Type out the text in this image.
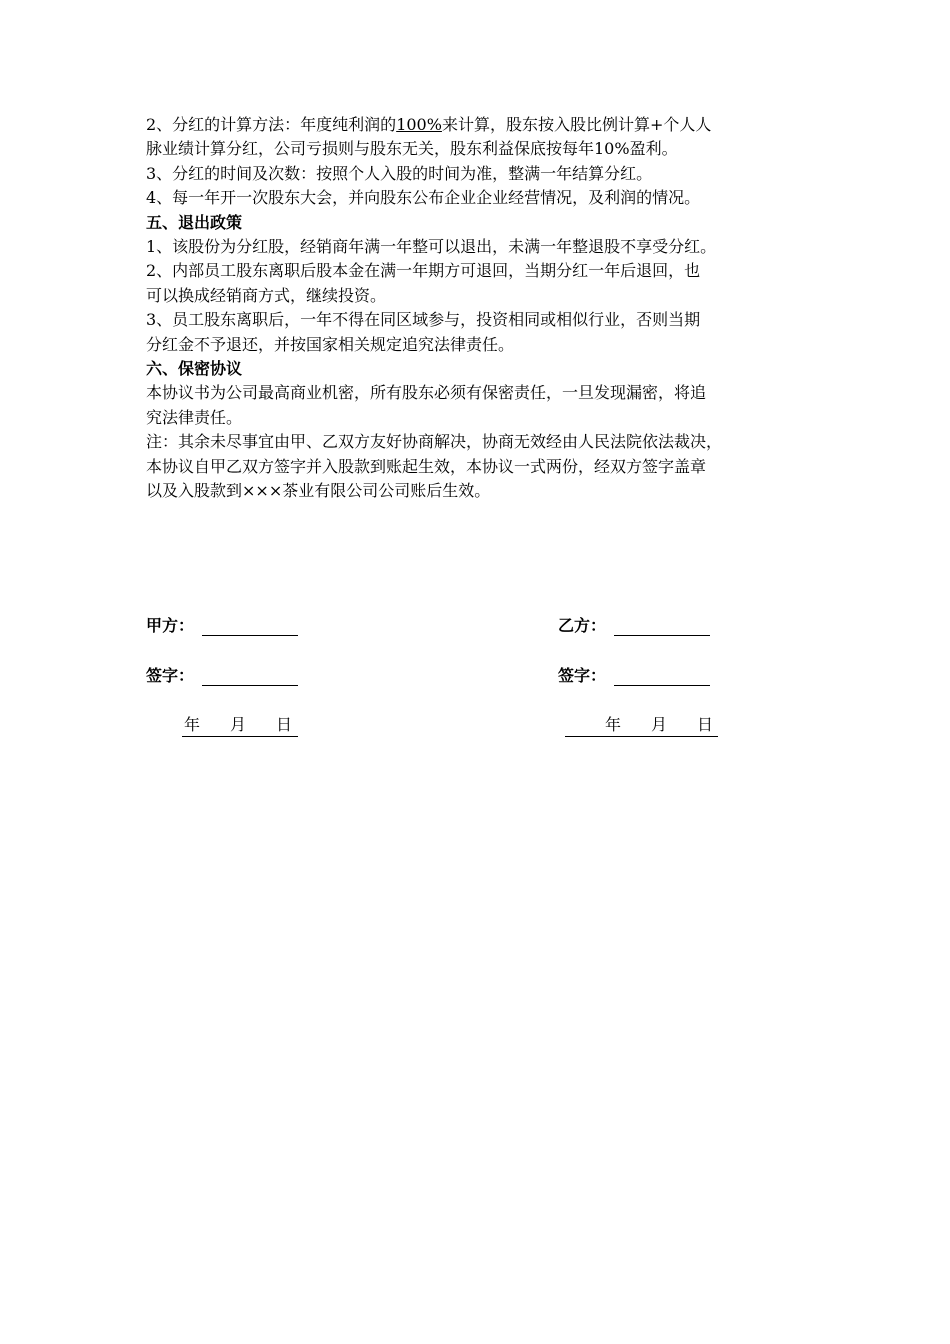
2、分红的计算方法：年度纯利润的100%来计算，股东按入股比例计算+个人人

脉业绩计算分红，公司亏损则与股东无关，股东利益保底按每年10%盈利。

3、分红的时间及次数：按照个人入股的时间为准，整满一年结算分红。

4、每一年开一次股东大会，并向股东公布企业企业经营情况，及利润的情况。

五、退出政策

1、该股份为分红股，经销商年满一年整可以退出，未满一年整退股不享受分红。

2、内部员工股东离职后股本金在满一年期方可退回，当期分红一年后退回，也

可以换成经销商方式，继续投资。

3、员工股东离职后，一年不得在同区域参与，投资相同或相似行业，否则当期

分红金不予退还，并按国家相关规定追究法律责任。

六、保密协议

本协议书为公司最高商业机密，所有股东必须有保密责任，一旦发现漏密，将追

究法律责任。

注：其余未尽事宜由甲、乙双方友好协商解决，协商无效经由人民法院依法裁决，

本协议自甲乙双方签字并入股款到账起生效，本协议一式两份，经双方签字盖章

以及入股款到×××茶业有限公司公司账后生效。

甲方：	乙方：
签字：	签字：
年 月 日	年 月 日
